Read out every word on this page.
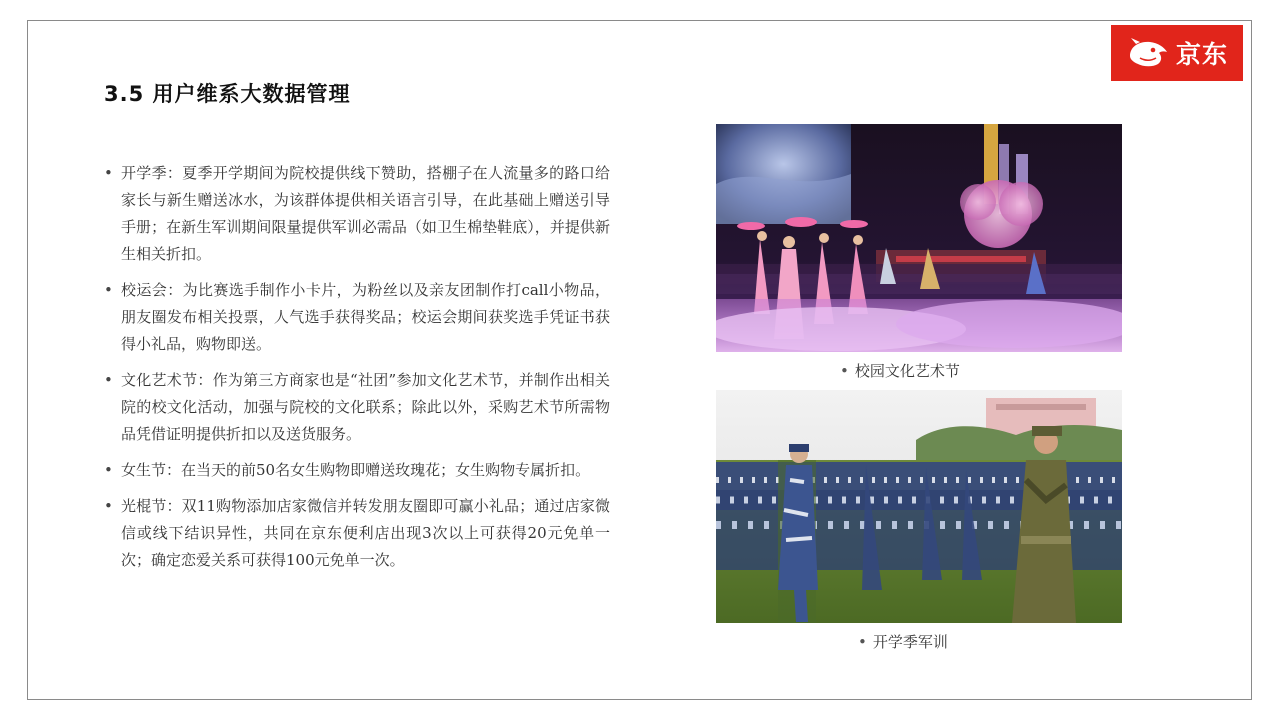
京东
3.5 用户维系大数据管理
• 开学季：夏季开学期间为院校提供线下赞助，搭棚子在人流量多的路口给家长与新生赠送冰水，为该群体提供相关语言引导，在此基础上赠送引导手册；在新生军训期间限量提供军训必需品（如卫生棉垫鞋底），并提供新生相关折扣。
• 校运会：为比赛选手制作小卡片，为粉丝以及亲友团制作打call小物品，朋友圈发布相关投票，人气选手获得奖品；校运会期间获奖选手凭证书获得小礼品，购物即送。
• 文化艺术节：作为第三方商家也是“社团”参加文化艺术节，并制作出相关院的校文化活动，加强与院校的文化联系；除此以外，采购艺术节所需物品凭借证明提供折扣以及送货服务。
• 女生节：在当天的前50名女生购物即赠送玫瑰花；女生购物专属折扣。
• 光棍节：双11购物添加店家微信并转发朋友圈即可赢小礼品；通过店家微信或线下结识异性，共同在京东便利店出现3次以上可获得20元免单一次；确定恋爱关系可获得100元免单一次。
• 校园文化艺术节
• 开学季军训
